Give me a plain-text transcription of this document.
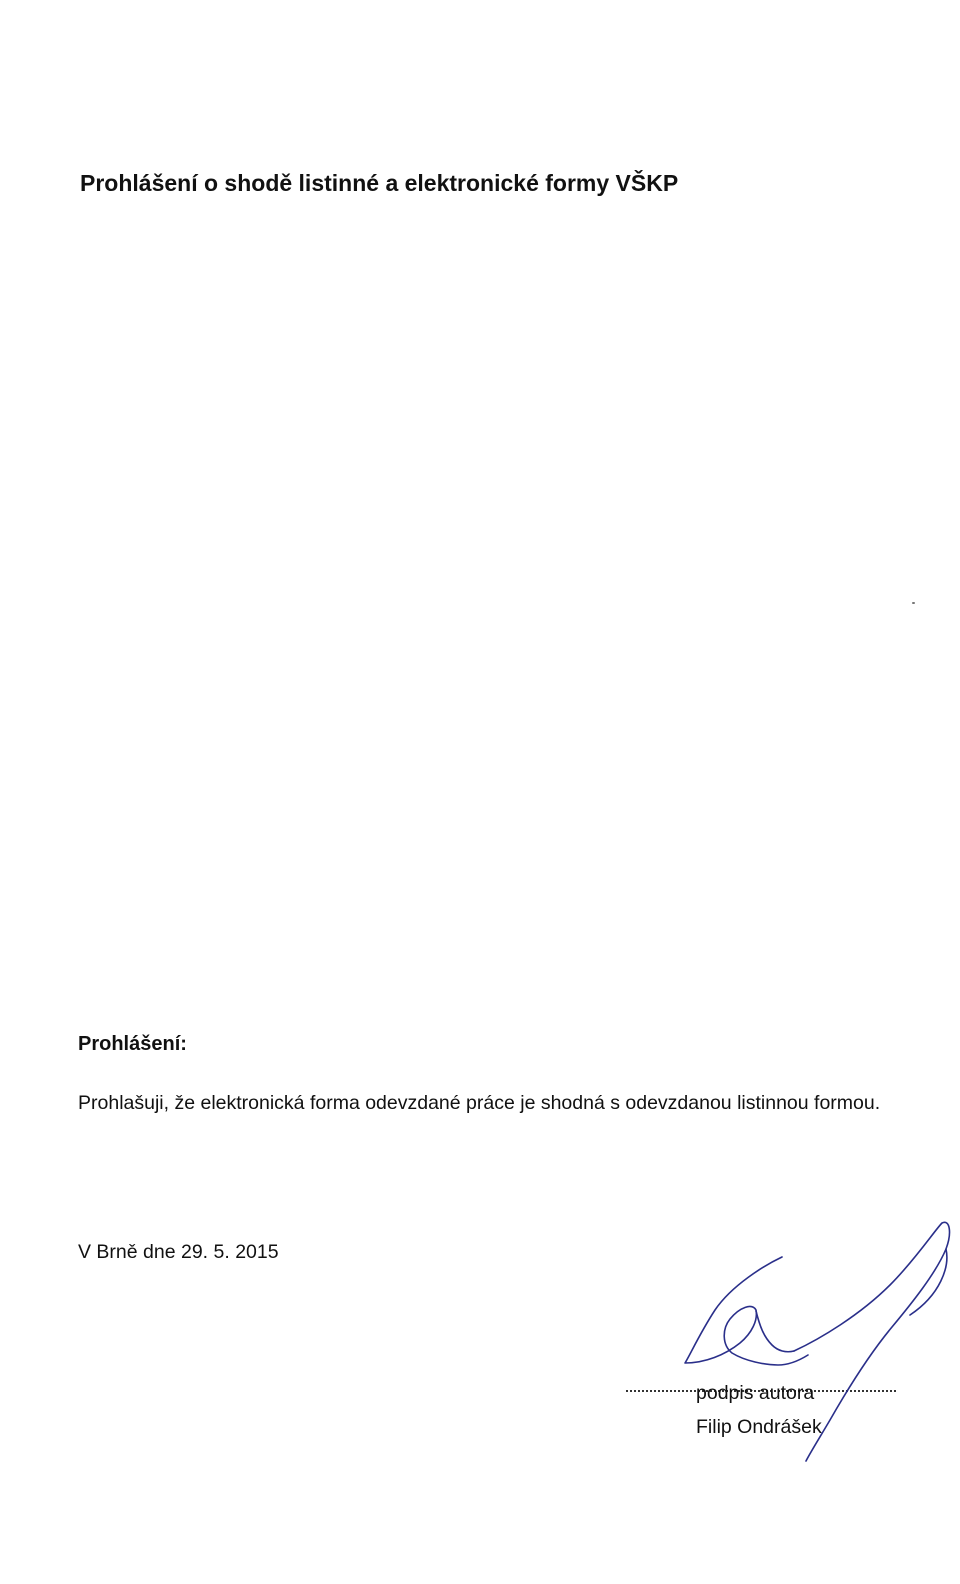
Prohlášení o shodě listinné a elektronické formy VŠKP
Prohlášení:

Prohlašuji, že elektronická forma odevzdané práce je shodná s odevzdanou listinnou formou.

V Brně dne 29. 5. 2015

podpis autora

Filip Ondrášek
